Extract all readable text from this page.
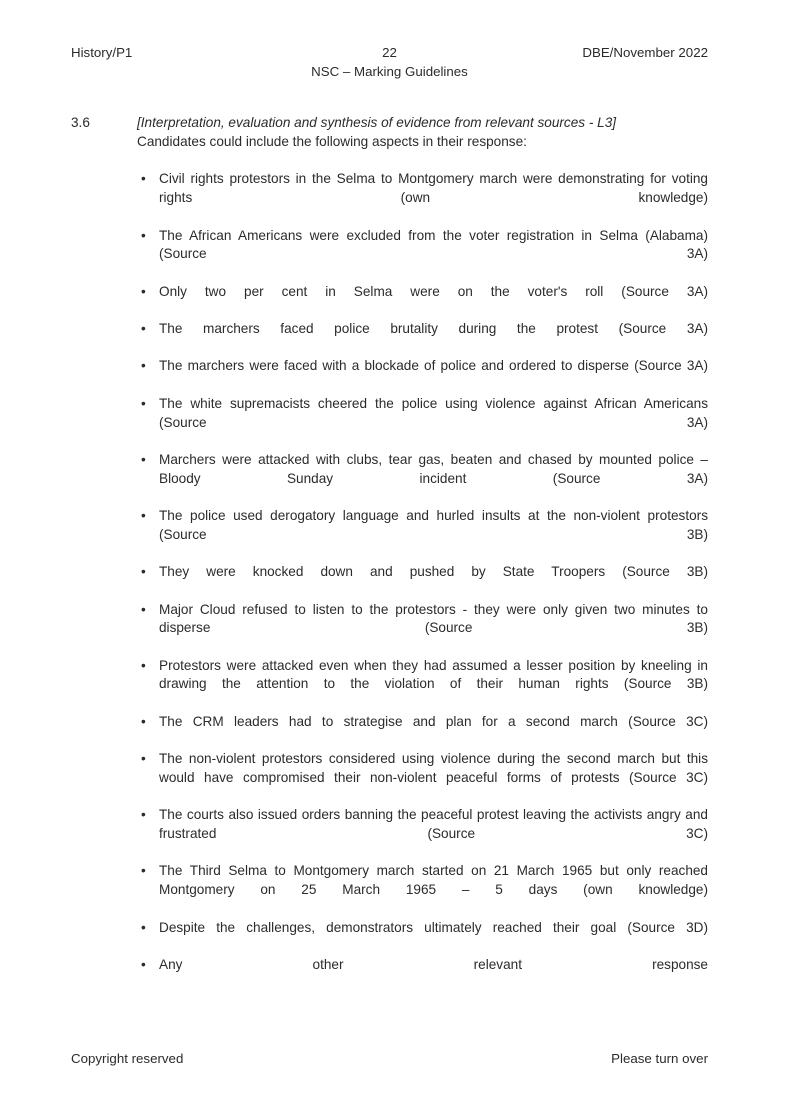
History/P1	22	DBE/November 2022
NSC – Marking Guidelines
3.6	[Interpretation, evaluation and synthesis of evidence from relevant sources - L3]
Candidates could include the following aspects in their response:
• Civil rights protestors in the Selma to Montgomery march were demonstrating for voting rights (own knowledge)
• The African Americans were excluded from the voter registration in Selma (Alabama) (Source 3A)
• Only two per cent in Selma were on the voter's roll (Source 3A)
• The marchers faced police brutality during the protest (Source 3A)
• The marchers were faced with a blockade of police and ordered to disperse (Source 3A)
• The white supremacists cheered the police using violence against African Americans (Source 3A)
• Marchers were attacked with clubs, tear gas, beaten and chased by mounted police – Bloody Sunday incident (Source 3A)
• The police used derogatory language and hurled insults at the non-violent protestors (Source 3B)
• They were knocked down and pushed by State Troopers (Source 3B)
• Major Cloud refused to listen to the protestors - they were only given two minutes to disperse (Source 3B)
• Protestors were attacked even when they had assumed a lesser position by kneeling in drawing the attention to the violation of their human rights (Source 3B)
• The CRM leaders had to strategise and plan for a second march (Source 3C)
• The non-violent protestors considered using violence during the second march but this would have compromised their non-violent peaceful forms of protests (Source 3C)
• The courts also issued orders banning the peaceful protest leaving the activists angry and frustrated (Source 3C)
• The Third Selma to Montgomery march started on 21 March 1965 but only reached Montgomery on 25 March 1965 – 5 days (own knowledge)
• Despite the challenges, demonstrators ultimately reached their goal (Source 3D)
• Any other relevant response
Copyright reserved	Please turn over
